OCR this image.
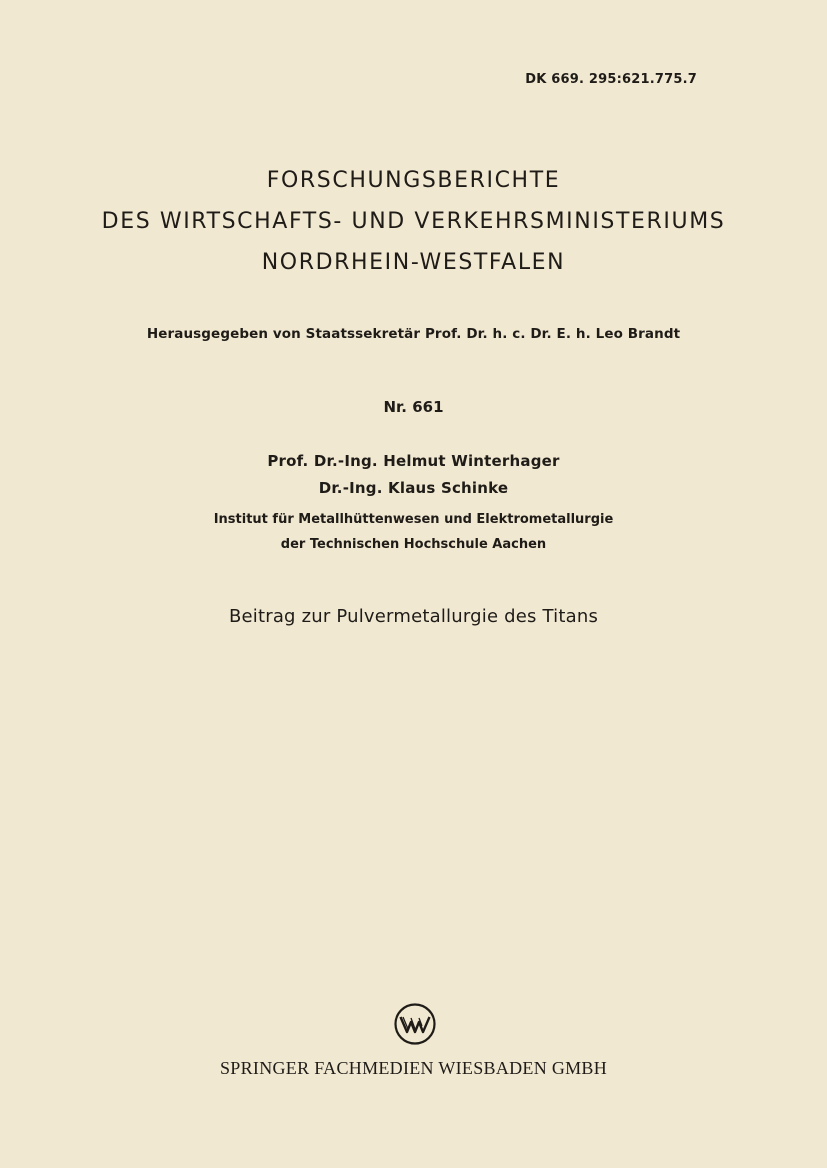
DK 669. 295:621.775.7
FORSCHUNGSBERICHTE
DES WIRTSCHAFTS- UND VERKEHRSMINISTERIUMS
NORDRHEIN-WESTFALEN
Herausgegeben von Staatssekretär Prof. Dr. h. c. Dr. E. h. Leo Brandt
Nr. 661
Prof. Dr.-Ing. Helmut Winterhager
Dr.-Ing. Klaus Schinke
Institut für Metallhüttenwesen und Elektrometallurgie
der Technischen Hochschule Aachen
Beitrag zur Pulvermetallurgie des Titans
SPRINGER FACHMEDIEN WIESBADEN GMBH
